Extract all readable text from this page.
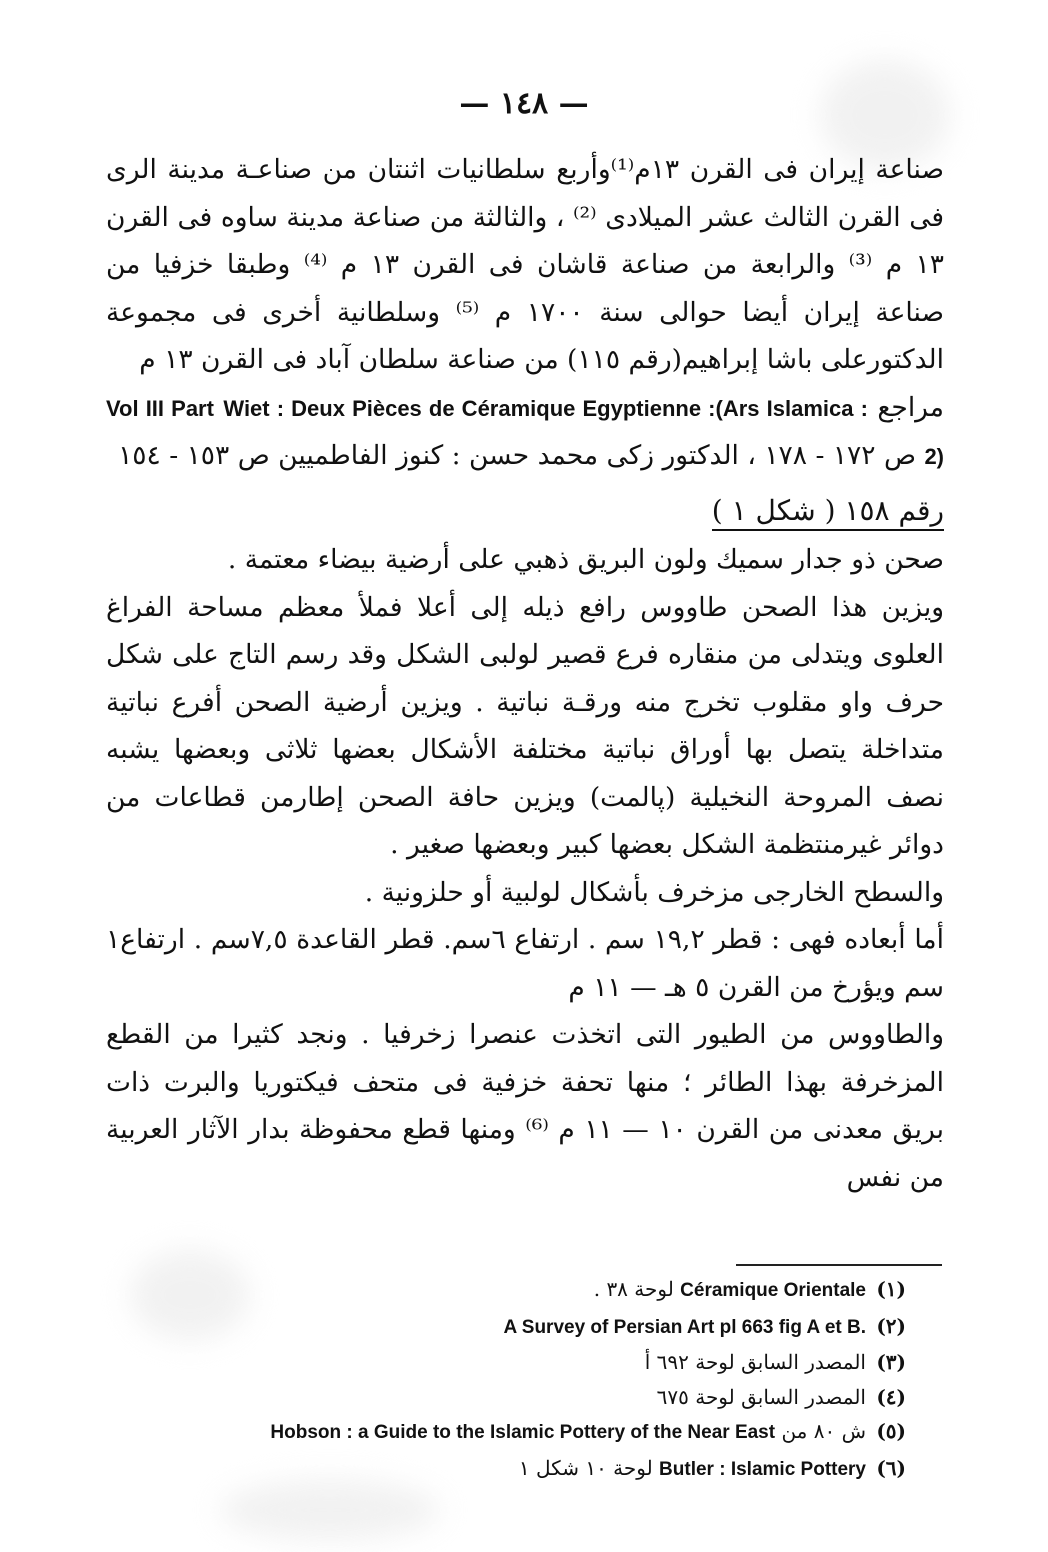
— ١٤٨ —

صناعة إيران فى القرن ١٣م⁽¹⁾وأربع سلطانيات اثنتان من صناعـة مدينة الرى فى القرن الثالث عشر الميلادى ⁽²⁾ ، والثالثة من صناعة مدينة ساوه فى القرن ١٣ م ⁽³⁾ والرابعة من صناعة قاشان فى القرن ١٣ م ⁽⁴⁾ وطبقا خزفيا من صناعة إيران أيضا حوالى سنة ١٧٠٠ م ⁽⁵⁾ وسلطانية أخرى فى مجموعة الدكتورعلى باشا إبراهيم(رقم ١١٥) من صناعة سلطان آباد فى القرن ١٣ م

مراجع Wiet : Deux Pièces de Céramique Egyptienne :(Ars Islamica : Vol III Part 2) ص ١٧٢ - ١٧٨ ، الدكتور زكى محمد حسن : كنوز الفاطميين ص ١٥٣ - ١٥٤

رقم ١٥٨ ( شكل ١ )

صحن ذو جدار سميك ولون البريق ذهبي على أرضية بيضاء معتمة .

ويزين هذا الصحن طاووس رافع ذيله إلى أعلا فملأ معظم مساحة الفراغ العلوى ويتدلى من منقاره فرع قصير لولبى الشكل وقد رسم التاج على شكل حرف واو مقلوب تخرج منه ورقـة نباتية . ويزين أرضية الصحن أفرع نباتية متداخلة يتصل بها أوراق نباتية مختلفة الأشكال بعضها ثلاثى وبعضها يشبه نصف المروحة النخيلية (پالمت) ويزين حافة الصحن إطارمن قطاعات من دوائر غيرمنتظمة الشكل بعضها كبير وبعضها صغير .

والسطح الخارجى مزخرف بأشكال لولبية أو حلزونية .

أما أبعاده فهى : قطر ١٩,٢ سم . ارتفاع ٦سم. قطر القاعدة ٧,٥سم . ارتفاع١ سم ويؤرخ من القرن ٥ هـ — ١١ م

والطاووس من الطيور التى اتخذت عنصرا زخرفيا . ونجد كثيرا من القطع المزخرفة بهذا الطائر ؛ منها تحفة خزفية فى متحف فيكتوريا والبرت ذات بريق معدنى من القرن ١٠ — ١١ م ⁽⁶⁾ ومنها قطع محفوظة بدار الآثار العربية من نفس

(١)
Céramique Orientale لوحة ٣٨ .
(٢)
A Survey of Persian Art pl 663 fig A et B.
(٣)
المصدر السابق لوحة ٦٩٢ أ
(٤)
المصدر السابق لوحة ٦٧٥
(٥)
ش ٨٠ من Hobson : a Guide to the Islamic Pottery of the Near East
(٦)
Butler : Islamic Pottery لوحة ١٠ شكل ١
